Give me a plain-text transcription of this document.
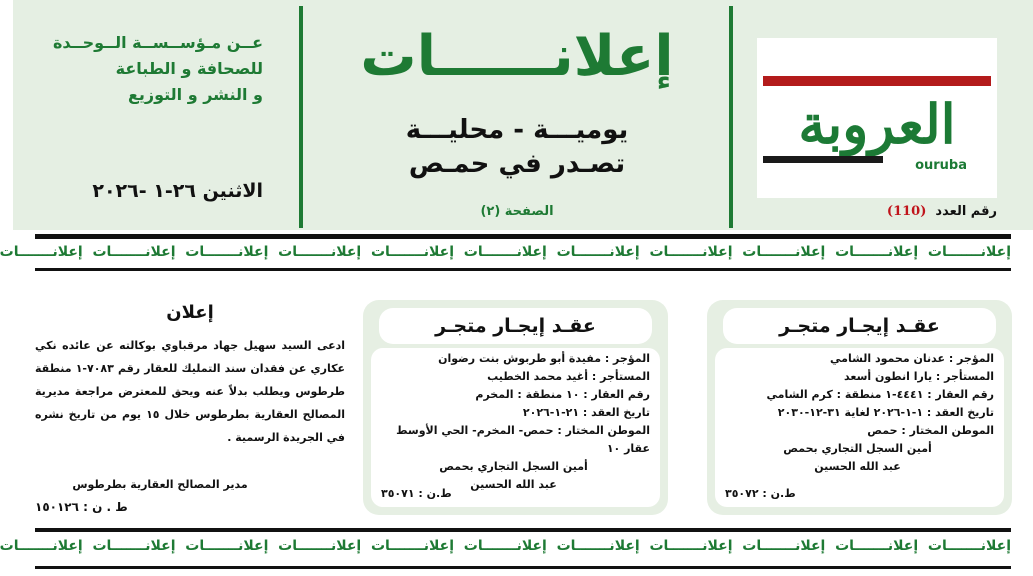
العروبة
ouruba
رقم العدد  (110)
إعلانــــــات
يوميـــة - محليـــة
تصـدر في حمـص
الصفحة (٢)
عــن مـؤســســة الــوحــدة
للصحافة و الطباعة
و النشر و التوزيع
الاثنين ٢٦-١ -٢٠٢٦
إعلانـــــــات  إعلانـــــــات  إعلانـــــــات  إعلانـــــــات  إعلانـــــــات  إعلانـــــــات  إعلانـــــــات  إعلانـــــــات  إعلانـــــــات  إعلانـــــــات  إعلانـــــــات
عقـد إيجـار متجـر
المؤجر : عدنان محمود الشامي
المستأجر : يارا انطون أسعد
رقم العقار : ٤٤٤١-١ منطقة : كرم الشامي
تاريخ العقد : ١-١-٢٠٢٦ لغاية ٣١-١٢-٢٠٣٠
الموطن المختار : حمص
أمين السجل التجاري بحمص
عبد الله الحسين
ط.ن : ٣٥٠٧٢
عقـد إيجـار متجـر
المؤجر : مفيدة أبو طربوش بنت رضوان
المستأجر : أغيد محمد الخطيب
رقم العقار : ١٠ منطقة : المخرم
تاريخ العقد : ٢١-١-٢٠٢٦
الموطن المختار : حمص- المخرم- الحي الأوسط عقار ١٠
أمين السجل التجاري بحمص
عبد الله الحسين
ط.ن : ٣٥٠٧١
إعلان
ادعى السيد سهيل جهاد مرقباوي بوكالته عن عائده نكي عكاري عن فقدان سند التمليك للعقار رقم ٧٠٨٣-١ منطقة طرطوس ويطلب بدلاً عنه ويحق للمعترض مراجعة مديرية المصالح العقارية بطرطوس خلال ١٥ يوم من تاريخ نشره في الجريدة الرسمية .
مدير المصالح العقارية بطرطوس
ط . ن : ١٥٠١٢٦
إعلانـــــــات  إعلانـــــــات  إعلانـــــــات  إعلانـــــــات  إعلانـــــــات  إعلانـــــــات  إعلانـــــــات  إعلانـــــــات  إعلانـــــــات  إعلانـــــــات  إعلانـــــــات
